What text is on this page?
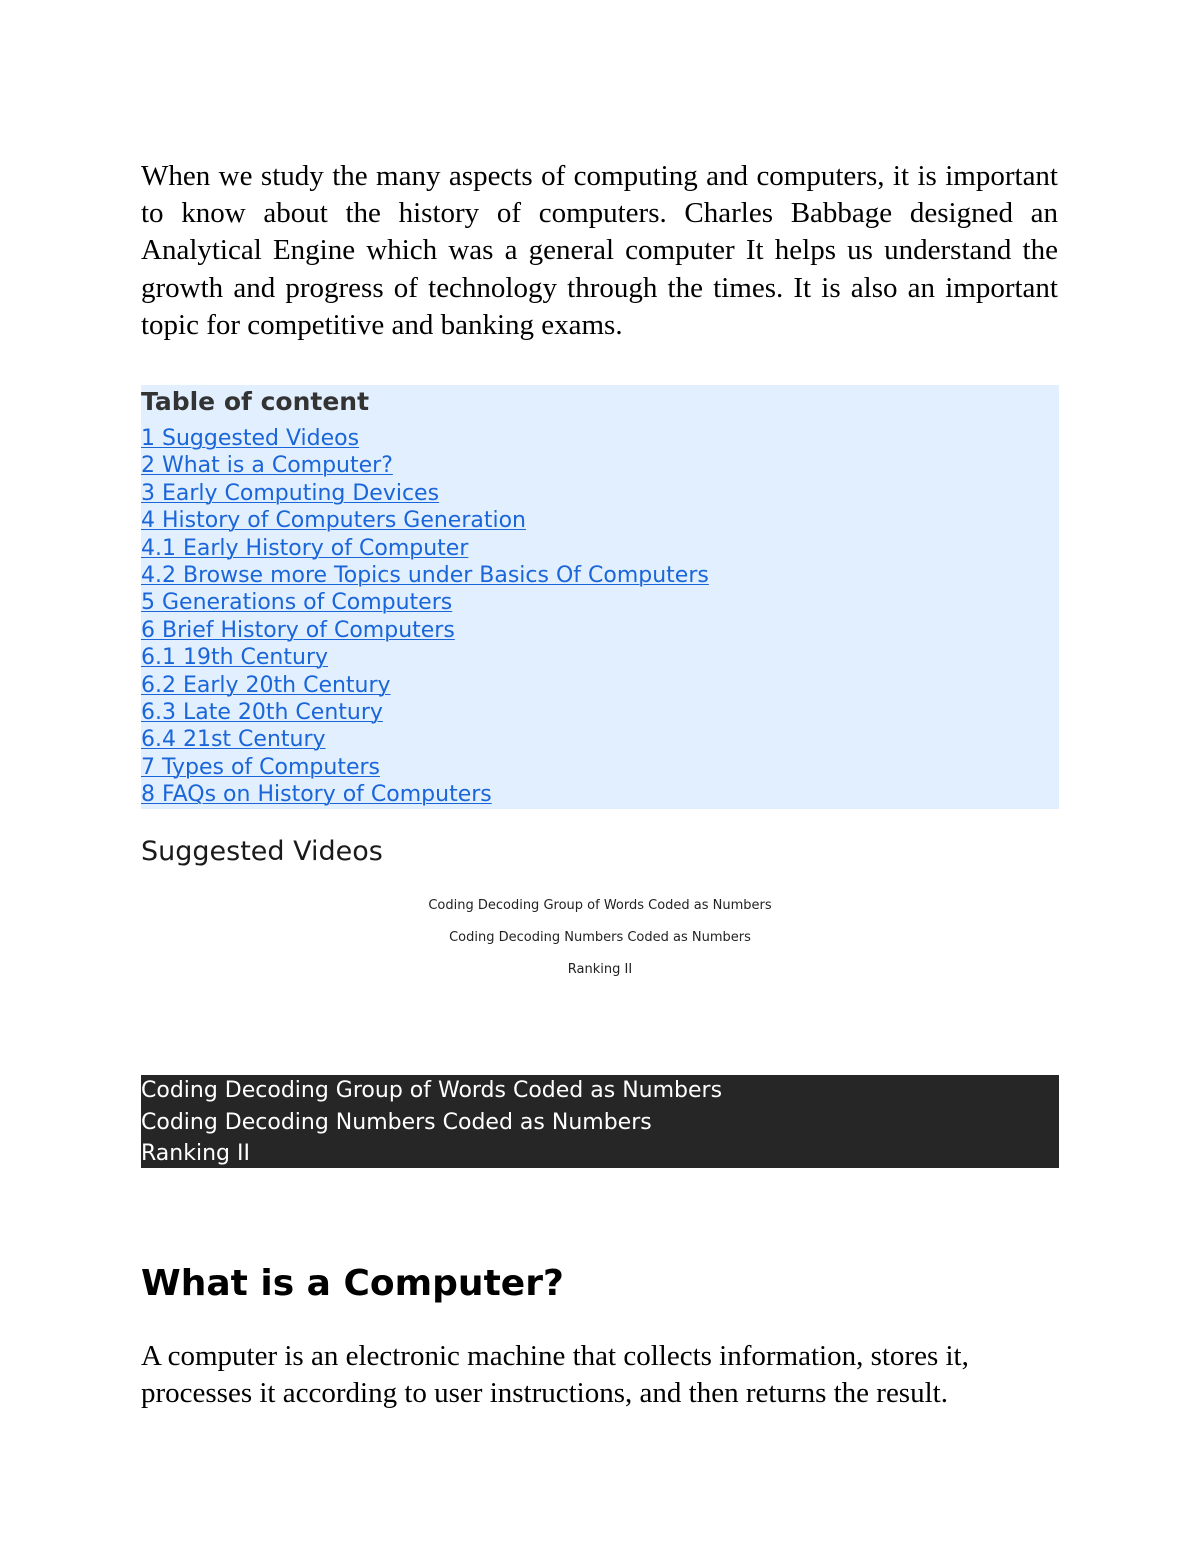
When we study the many aspects of computing and computers, it is important to know about the history of computers. Charles Babbage designed an Analytical Engine which was a general computer It helps us understand the growth and progress of technology through the times. It is also an important topic for competitive and banking exams.

Table of content
1 Suggested Videos
2 What is a Computer?
3 Early Computing Devices
4 History of Computers Generation
4.1 Early History of Computer
4.2 Browse more Topics under Basics Of Computers
5 Generations of Computers
6 Brief History of Computers
6.1 19th Century
6.2 Early 20th Century
6.3 Late 20th Century
6.4 21st Century
7 Types of Computers
8 FAQs on History of Computers
Suggested Videos
Coding Decoding Group of Words Coded as Numbers
Coding Decoding Numbers Coded as Numbers
Ranking II
Coding Decoding Group of Words Coded as Numbers
Coding Decoding Numbers Coded as Numbers
Ranking II
What is a Computer?

A computer is an electronic machine that collects information, stores it, processes it according to user instructions, and then returns the result.
